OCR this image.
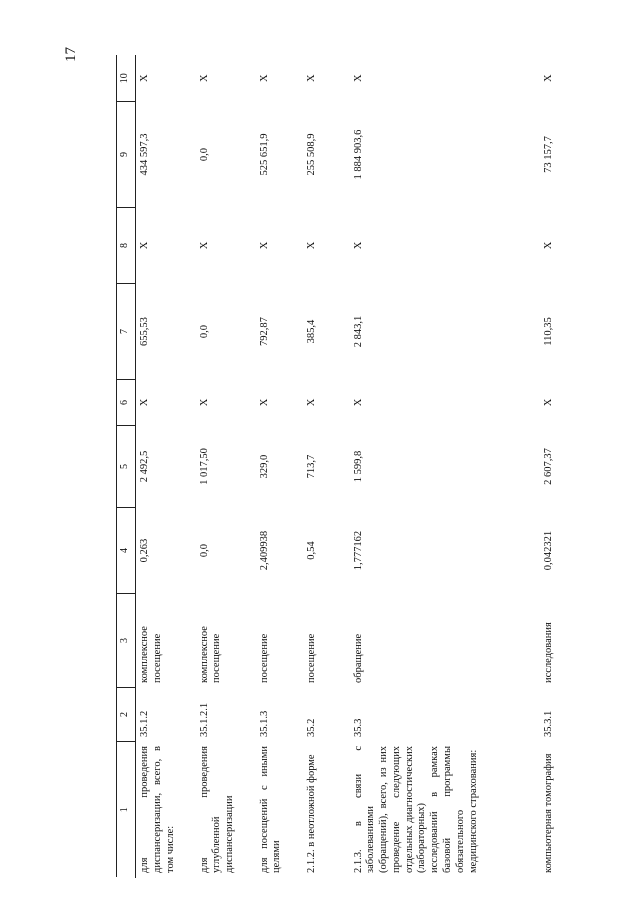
17
1	2	3	4	5	6	7	8	9	10
для проведения диспансеризации, всего, в том числе:	35.1.2	комплексное посещение	0,263	2 492,5	X	655,53	X	434 597,3	X
для проведения углубленной диспансеризации	35.1.2.1	комплексное посещение	0,0	1 017,50	X	0,0	X	0,0	X
для посещений с иными целями	35.1.3	посещение	2,409938	329,0	X	792,87	X	525 651,9	X
2.1.2. в неотложной форме	35.2	посещение	0,54	713,7	X	385,4	X	255 508,9	X
2.1.3. в связи с заболеваниями (обращений), всего, из них проведение следующих отдельных диагностических (лабораторных) исследований в рамках базовой программы обязательного медицинского страхования:	35.3	обращение	1,777162	1 599,8	X	2 843,1	X	1 884 903,6	X
компьютерная томография	35.3.1	исследования	0,042321	2 607,37	X	110,35	X	73 157,7	X
